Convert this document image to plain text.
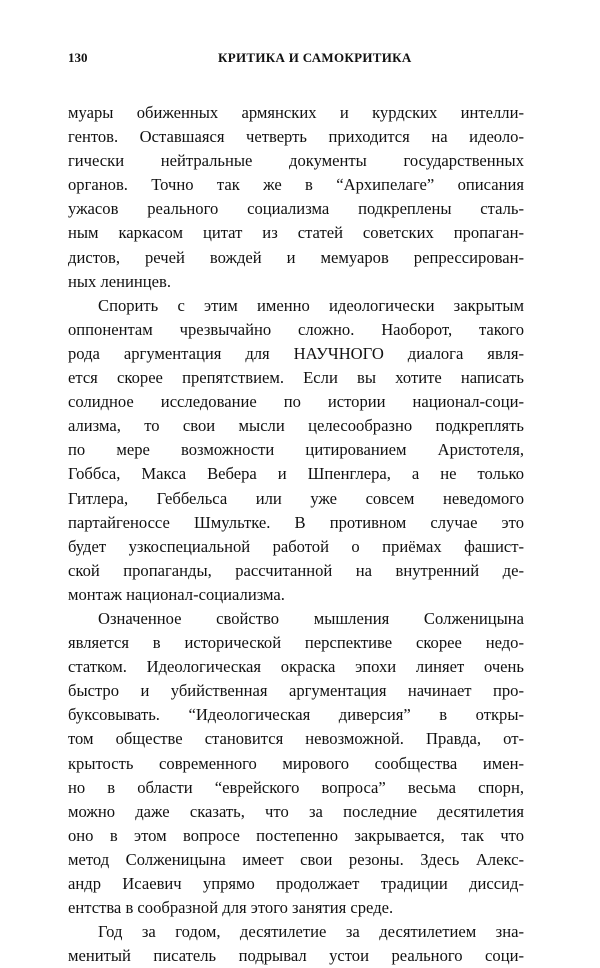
130	КРИТИКА И САМОКРИТИКА
муары обиженных армянских и курдских интелли-
гентов. Оставшаяся четверть приходится на идеоло-
гически нейтральные документы государственных
органов. Точно так же в “Архипелаге” описания
ужасов реального социализма подкреплены сталь-
ным каркасом цитат из статей советских пропаган-
дистов, речей вождей и мемуаров репрессирован-
ных ленинцев.
Спорить с этим именно идеологически закрытым
оппонентам чрезвычайно сложно. Наоборот, такого
рода аргументация для НАУЧНОГО диалога явля-
ется скорее препятствием. Если вы хотите написать
солидное исследование по истории национал-соци-
ализма, то свои мысли целесообразно подкреплять
по мере возможности цитированием Аристотеля,
Гоббса, Макса Вебера и Шпенглера, а не только
Гитлера, Геббельса или уже совсем неведомого
партайгеноссе Шмультке. В противном случае это
будет узкоспециальной работой о приёмах фашист-
ской пропаганды, рассчитанной на внутренний де-
монтаж национал-социализма.
Означенное свойство мышления Солженицына
является в исторической перспективе скорее недо-
статком. Идеологическая окраска эпохи линяет очень
быстро и убийственная аргументация начинает про-
буксовывать. “Идеологическая диверсия” в откры-
том обществе становится невозможной. Правда, от-
крытость современного мирового сообщества имен-
но в области “еврейского вопроса” весьма спорн,
можно даже сказать, что за последние десятилетия
оно в этом вопросе постепенно закрывается, так что
метод Солженицына имеет свои резоны. Здесь Алекс-
андр Исаевич упрямо продолжает традиции диссид-
ентства в сообразной для этого занятия среде.
Год за годом, десятилетие за десятилетием зна-
менитый писатель подрывал устои реального соци-
